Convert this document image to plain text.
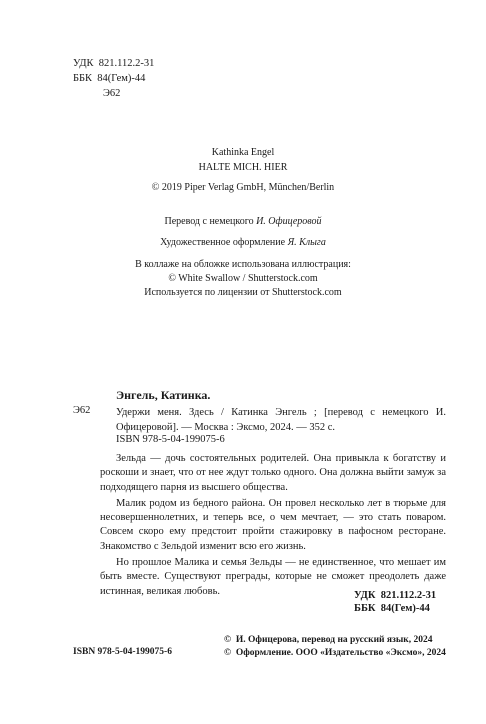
УДК  821.112.2-31
ББК  84(Гем)-44
Э62
Kathinka Engel
HALTE MICH. HIER
© 2019 Piper Verlag GmbH, München/Berlin
Перевод с немецкого И. Офицеровой
Художественное оформление Я. Клыга
В коллаже на обложке использована иллюстрация:
© White Swallow / Shutterstock.com
Используется по лицензии от Shutterstock.com
Энгель, Катинка.
Э62 Удержи меня. Здесь / Катинка Энгель ; [перевод с немецкого И. Офицеровой]. — Москва : Эксмо, 2024. — 352 с.
ISBN 978-5-04-199075-6

Зельда — дочь состоятельных родителей. Она привыкла к богатству и роскоши и знает, что от нее ждут только одного. Она должна выйти замуж за подходящего парня из высшего общества.

Малик родом из бедного района. Он провел несколько лет в тюрьме для несовершеннолетних, и теперь все, о чем мечтает, — это стать поваром. Совсем скоро ему предстоит пройти стажировку в пафосном ресторане. Знакомство с Зельдой изменит всю его жизнь.

Но прошлое Малика и семья Зельды — не единственное, что мешает им быть вместе. Существуют преграды, которые не сможет преодолеть даже истинная, великая любовь.	УДК  821.112.2-31
ББК  84(Гем)-44
©  И. Офицерова, перевод на русский язык, 2024
©  Оформление. ООО «Издательство «Эксмо», 2024
ISBN 978-5-04-199075-6
